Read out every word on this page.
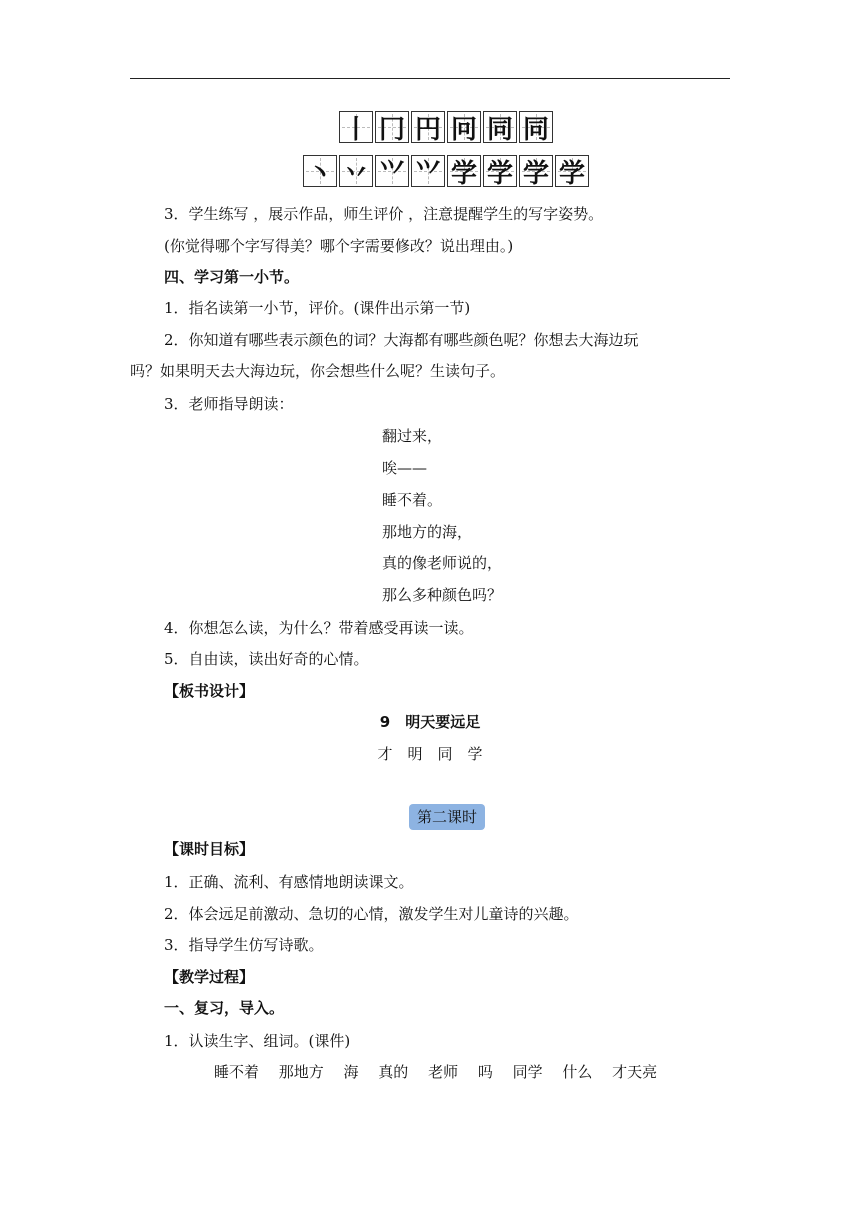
丨 冂 円 冋 同 同
丶 丷 ⺍ ⺍ 学 学 学 学
3．学生练写 ，展示作品，师生评价 ，注意提醒学生的写字姿势。
(你觉得哪个字写得美？哪个字需要修改？说出理由。)
四、学习第一小节。
1．指名读第一小节，评价。(课件出示第一节)
2．你知道有哪些表示颜色的词？大海都有哪些颜色呢？你想去大海边玩
吗？如果明天去大海边玩，你会想些什么呢？生读句子。
3．老师指导朗读：
翻过来，
唉——
睡不着。
那地方的海，
真的像老师说的，
那么多种颜色吗？
4．你想怎么读，为什么？带着感受再读一读。
5．自由读，读出好奇的心情。
【板书设计】
9　明天要远足
才　明　同　学
第二课时
【课时目标】
1．正确、流利、有感情地朗读课文。
2．体会远足前激动、急切的心情，激发学生对儿童诗的兴趣。
3．指导学生仿写诗歌。
【教学过程】
一、复习，导入。
1．认读生字、组词。(课件)
睡不着　 那地方　 海　 真的　 老师　 吗　 同学　 什么　 才天亮
